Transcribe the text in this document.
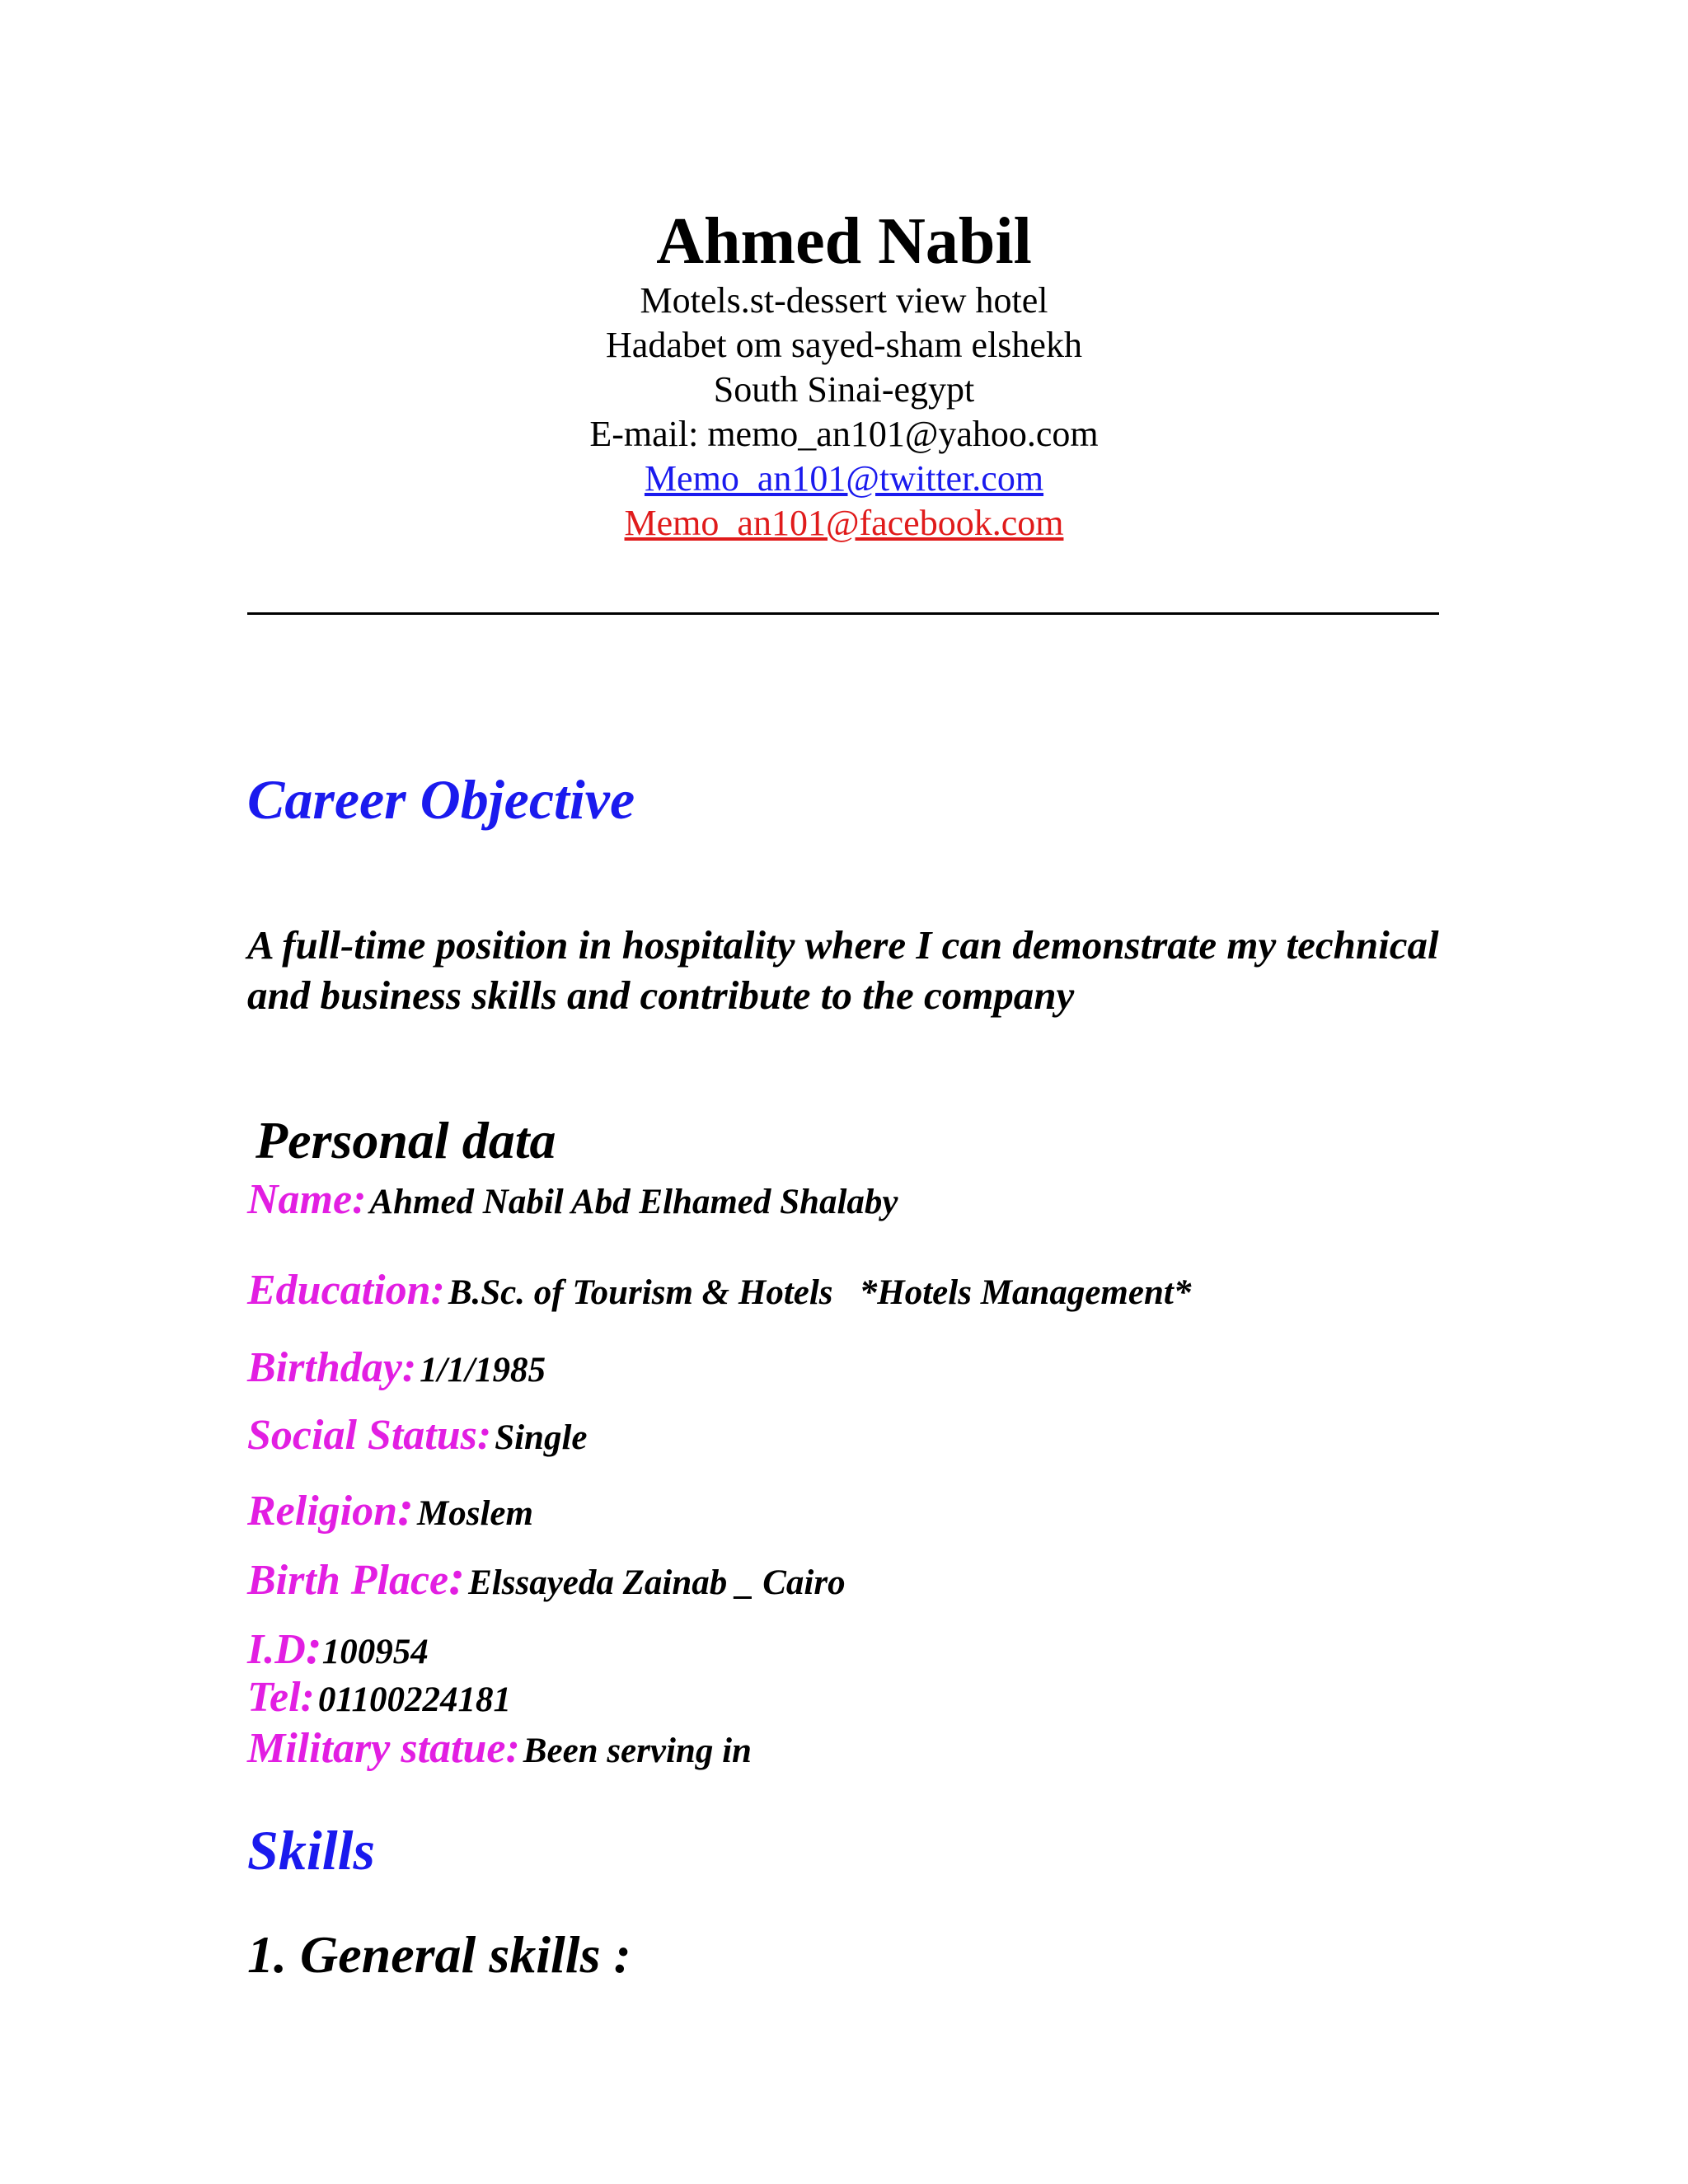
Ahmed Nabil
Motels.st-dessert view hotel
Hadabet om sayed-sham elshekh
South Sinai-egypt
E-mail: memo_an101@yahoo.com
Memo_an101@twitter.com
Memo_an101@facebook.com
Career Objective

A full-time position in hospitality where I can demonstrate my technical and business skills and contribute to the company

Personal data
Name: Ahmed Nabil Abd Elhamed Shalaby
Education: B.Sc. of Tourism & Hotels   *Hotels Management*
Birthday: 1/1/1985
Social Status: Single
Religion: Moslem
Birth Place: Elssayeda Zainab _ Cairo
I.D:100954
Tel: 01100224181
Military statue: Been serving in
Skills
1. General skills :
